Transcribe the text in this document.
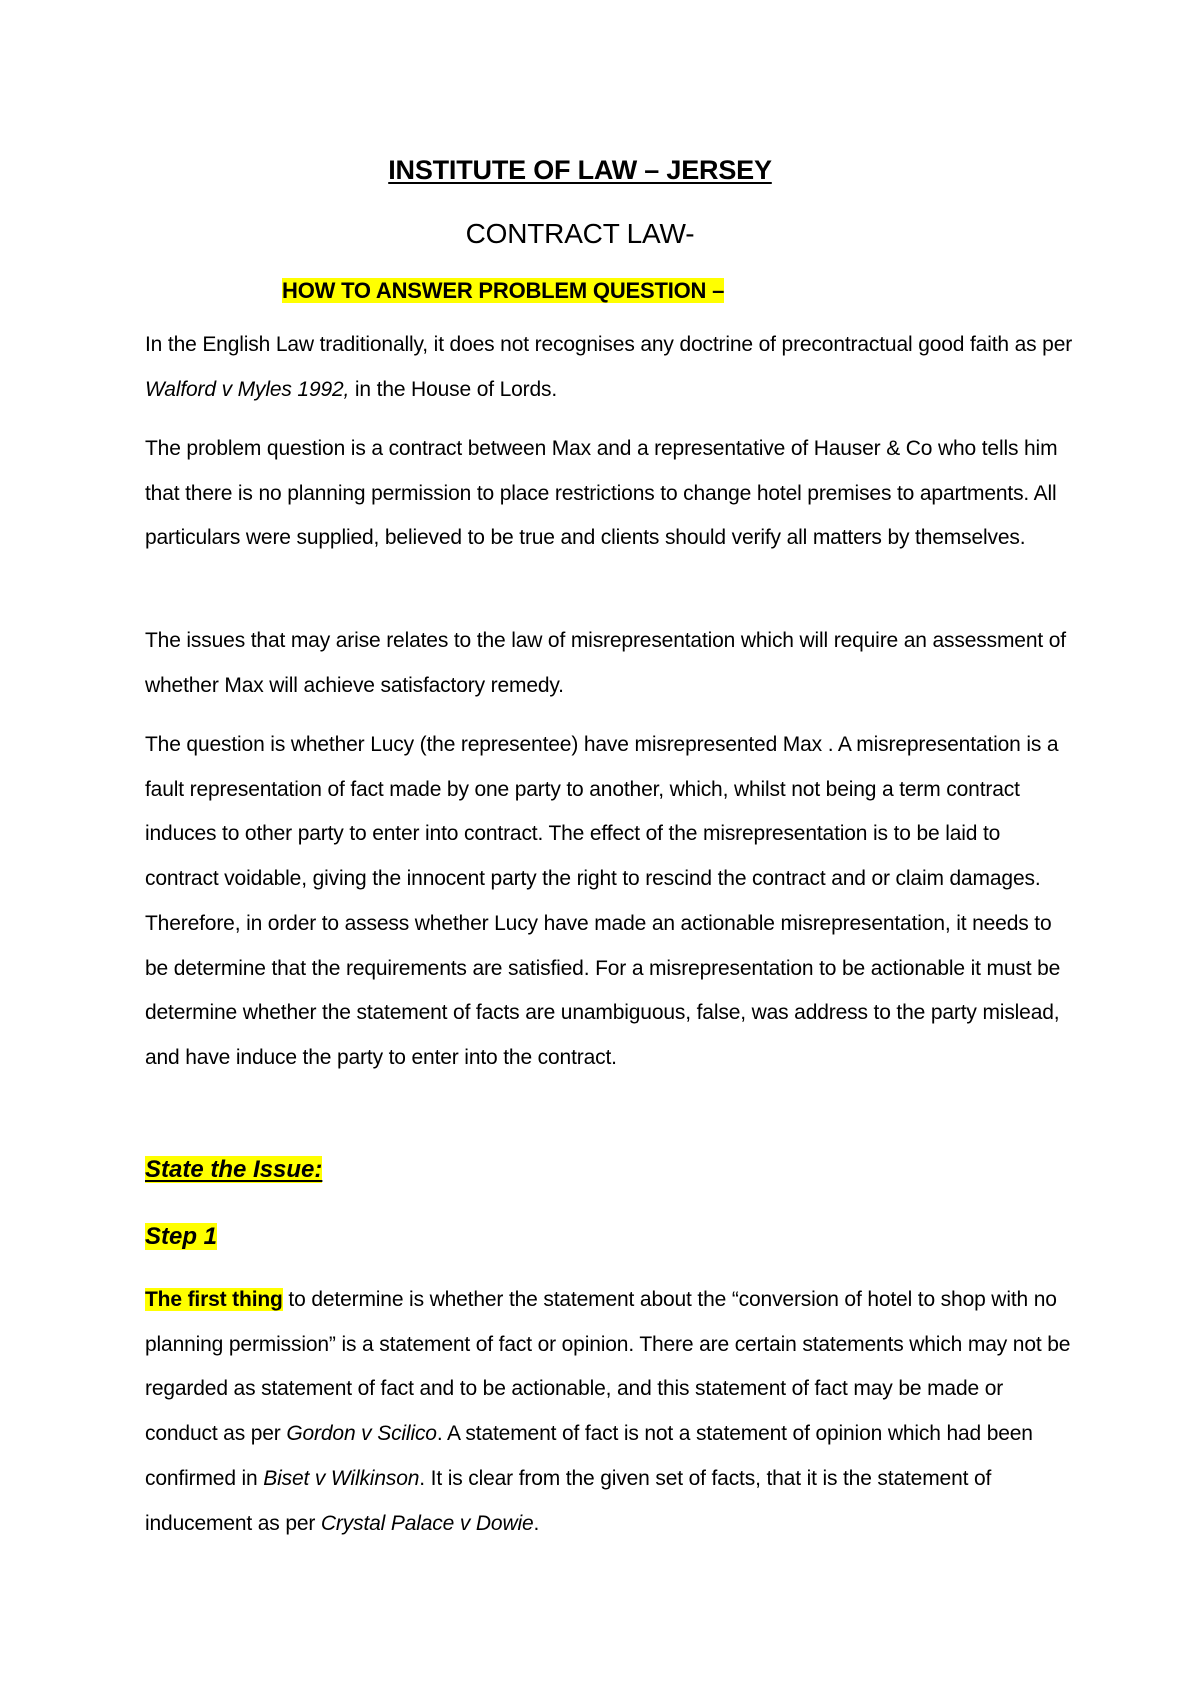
INSTITUTE OF LAW – JERSEY
CONTRACT LAW-
HOW TO ANSWER PROBLEM QUESTION –

In the English Law traditionally, it does not recognises any doctrine of precontractual good faith as per Walford v Myles 1992, in the House of Lords.

The problem question is a contract between Max and a representative of Hauser & Co who tells him that there is no planning permission to place restrictions to change hotel premises to apartments. All particulars were supplied, believed to be true and clients should verify all matters by themselves.

The issues that may arise relates to the law of misrepresentation which will require an assessment of whether Max will achieve satisfactory remedy.

The question is whether Lucy (the representee) have misrepresented Max . A misrepresentation is a fault representation of fact made by one party to another, which, whilst not being a term contract induces to other party to enter into contract. The effect of the misrepresentation is to be laid to contract voidable, giving the innocent party the right to rescind the contract and or claim damages. Therefore, in order to assess whether Lucy have made an actionable misrepresentation, it needs to be determine that the requirements are satisfied. For a misrepresentation to be actionable it must be determine whether the statement of facts are unambiguous, false, was address to the party mislead, and have induce the party to enter into the contract.

State the Issue:
Step 1

The first thing to determine is whether the statement about the “conversion of hotel to shop with no planning permission” is a statement of fact or opinion. There are certain statements which may not be regarded as statement of fact and to be actionable, and this statement of fact may be made or conduct as per Gordon v Scilico. A statement of fact is not a statement of opinion which had been confirmed in Biset v Wilkinson. It is clear from the given set of facts, that it is the statement of inducement as per Crystal Palace v Dowie.
